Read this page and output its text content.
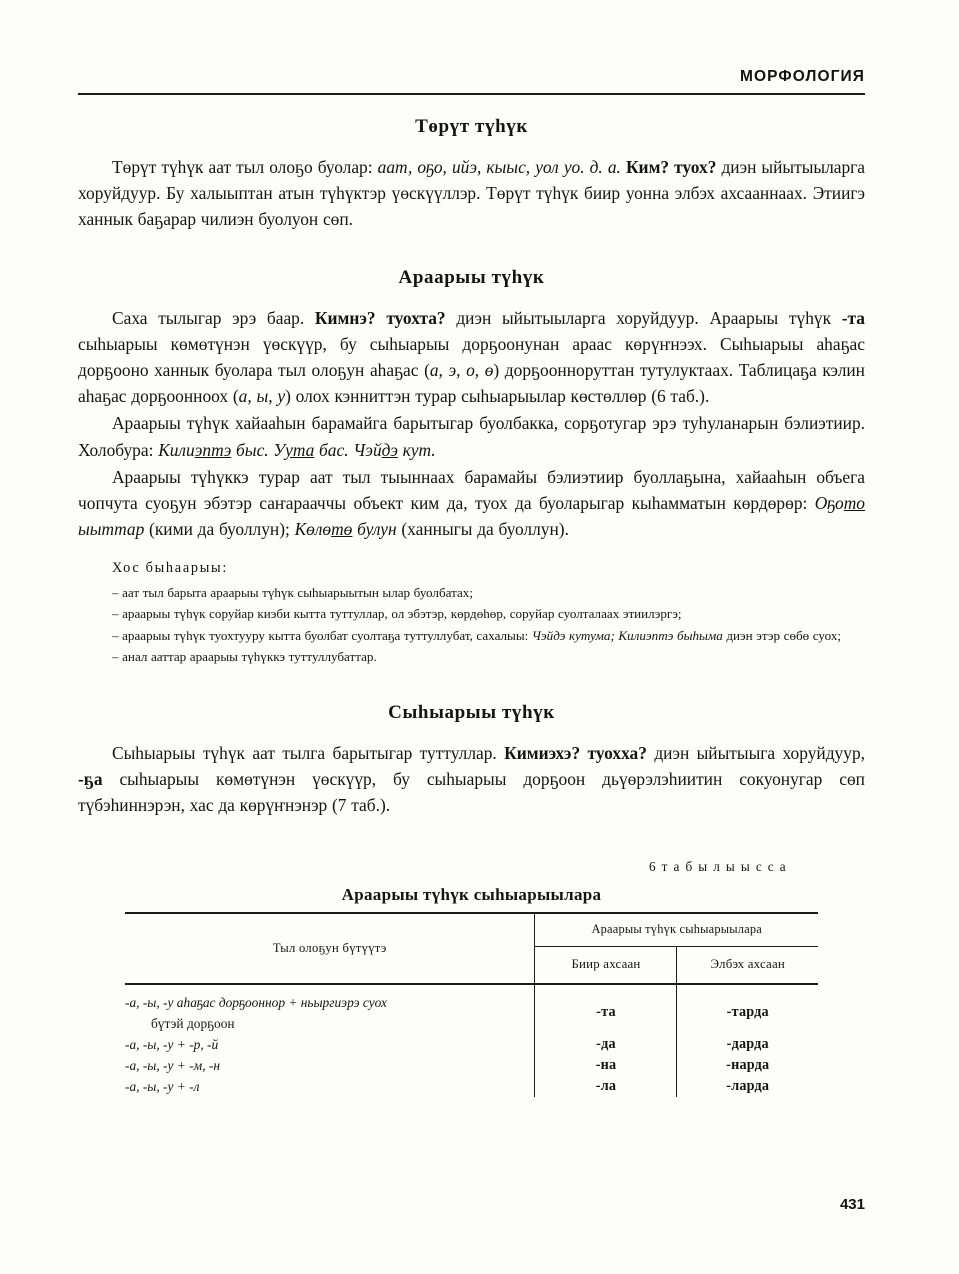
МОРФОЛОГИЯ
Төрүт түһүк

Төрүт түһүк аат тыл олоҕо буолар: аат, оҕо, ийэ, кыыс, уол уо. д. а. Ким? туох? диэн ыйытыыларга хоруйдуур. Бу халыыптан атын түһүктэр үөскүүллэр. Төрүт түһүк биир уонна элбэх ахсааннаах. Этиигэ ханнык баҕарар чилиэн буолуон сөп.

Араарыы түһүк

Саха тылыгар эрэ баар. Кимнэ? туохта? диэн ыйытыыларга хоруйдуур. Араарыы түһүк -та сыһыарыы көмөтүнэн үөскүүр, бу сыһыарыы дорҕоонунан араас көрүҥнээх. Сыһыарыы аһаҕас дорҕооно ханнык буолара тыл олоҕун аһаҕас (а, э, о, ө) дорҕоонноруттан тутулуктаах. Таблицаҕа кэлин аһаҕас дорҕоонноох (а, ы, у) олох кэнниттэн турар сыһыарыылар көстөллөр (6 таб.).

Араарыы түһүк хайааһын барамайга барытыгар буолбакка, сорҕотугар эрэ туһуланарын бэлиэтиир. Холобура: Килиэптэ быс. Уута бас. Чэйдэ кут.

Араарыы түһүккэ турар аат тыл тыыннаах барамайы бэлиэтиир буоллаҕына, хайааһын объега чопчута суоҕун эбэтэр саҥарааччы объект ким да, туох да буоларыгар кыһамматын көрдөрөр: Оҕото ыыттар (кими да буоллун); Көлөтө булун (ханныгы да буоллун).

Хос быһаарыы:

– аат тыл барыта араарыы түһүк сыһыарыытын ылар буолбатах;

– араарыы түһүк соруйар киэби кытта туттуллар, ол эбэтэр, көрдөһөр, соруйар суолталаах этиилэргэ;

– араарыы түһүк туохтууру кытта буолбат суолтаҕа туттуллубат, сахалыы: Чэйдэ кутума; Килиэптэ быһыма диэн этэр сөбө суох;

– анал ааттар араарыы түһүккэ туттуллубаттар.

Сыһыарыы түһүк

Сыһыарыы түһүк аат тылга барытыгар туттуллар. Кимиэхэ? туохха? диэн ыйытыыга хоруйдуур, -ҕа сыһыарыы көмөтүнэн үөскүүр, бу сыһыарыы дорҕоон дьүөрэлэһиитин сокуонугар сөп түбэһиннэрэн, хас да көрүҥнэнэр (7 таб.).

6 т а б ы л ы ы с с а
Араарыы түһүк сыһыарыылара
Тыл олоҕун бүтүүтэ	Араарыы түһүк сыһыарыылара	
	Биир ахсаан	Элбэх ахсаан
-а, -ы, -у аһаҕас дорҕооннор + ньыргиэрэ суох
бүтэй дорҕоон	-та	-тарда
-а, -ы, -у + -р, -й	-да	-дарда
-а, -ы, -у + -м, -н	-на	-нарда
-а, -ы, -у + -л	-ла	-ларда
431
